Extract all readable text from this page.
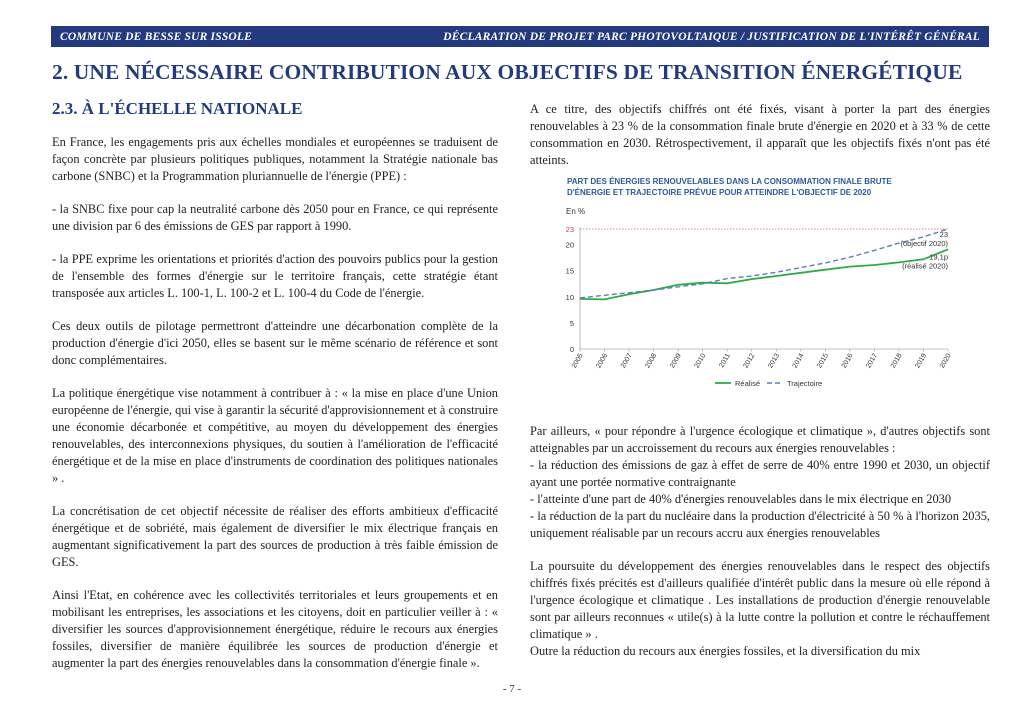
COMMUNE DE BESSE SUR ISSOLE	DÉCLARATION DE PROJET PARC PHOTOVOLTAIQUE / JUSTIFICATION DE L'INTÉRÊT GÉNÉRAL
2. UNE NÉCESSAIRE CONTRIBUTION AUX OBJECTIFS DE TRANSITION ÉNERGÉTIQUE
2.3. À L'ÉCHELLE NATIONALE

En France, les engagements pris aux échelles mondiales et européennes se traduisent de façon concrète par plusieurs politiques publiques, notamment la Stratégie nationale bas carbone (SNBC) et la Programmation pluriannuelle de l'énergie (PPE) :

- la SNBC fixe pour cap la neutralité carbone dès 2050 pour en France, ce qui représente une division par 6 des émissions de GES par rapport à 1990.

- la PPE exprime les orientations et priorités d'action des pouvoirs publics pour la gestion de l'ensemble des formes d'énergie sur le territoire français, cette stratégie étant transposée aux articles L. 100-1, L. 100-2 et L. 100-4 du Code de l'énergie.

Ces deux outils de pilotage permettront d'atteindre une décarbonation complète de la production d'énergie d'ici 2050, elles se basent sur le même scénario de référence et sont donc complémentaires.

La politique énergétique vise notamment à contribuer à : « la mise en place d'une Union européenne de l'énergie, qui vise à garantir la sécurité d'approvisionnement et à construire une économie décarbonée et compétitive, au moyen du développement des énergies renouvelables, des interconnexions physiques, du soutien à l'amélioration de l'efficacité énergétique et de la mise en place d'instruments de coordination des politiques nationales » .

La concrétisation de cet objectif nécessite de réaliser des efforts ambitieux d'efficacité énergétique et de sobriété, mais également de diversifier le mix électrique français en augmentant significativement la part des sources de production à très faible émission de GES.

Ainsi l'Etat, en cohérence avec les collectivités territoriales et leurs groupements et en mobilisant les entreprises, les associations et les citoyens, doit en particulier veiller à : « diversifier les sources d'approvisionnement énergétique, réduire le recours aux énergies fossiles, diversifier de manière équilibrée les sources de production d'énergie et augmenter la part des énergies renouvelables dans la consommation d'énergie finale ».

A ce titre, des objectifs chiffrés ont été fixés, visant à porter la part des énergies renouvelables à 23 % de la consommation finale brute d'énergie en 2020 et à 33 % de cette consommation en 2030. Rétrospectivement, il apparaît que les objectifs fixés n'ont pas été atteints.

PART DES ÉNERGIES RENOUVELABLES DANS LA CONSOMMATION FINALE BRUTE
D'ÉNERGIE ET TRAJECTOIRE PRÉVUE POUR ATTEINDRE L'OBJECTIF DE 2020
En %
0
5
10
15
20
23
2005 2006 2007 2008 2009 2010 2011 2012 2013 2014 2015 2016 2017 2018 2019 2020
23
(objectif 2020)
19,1p
(réalisé 2020)
Réalisé	Trajectoire

Par ailleurs, « pour répondre à l'urgence écologique et climatique », d'autres objectifs sont atteignables par un accroissement du recours aux énergies renouvelables :

- la réduction des émissions de gaz à effet de serre de 40% entre 1990 et 2030, un objectif ayant une portée normative contraignante

- l'atteinte d'une part de 40% d'énergies renouvelables dans le mix électrique en 2030

- la réduction de la part du nucléaire dans la production d'électricité à 50 % à l'horizon 2035, uniquement réalisable par un recours accru aux énergies renouvelables

La poursuite du développement des énergies renouvelables dans le respect des objectifs chiffrés fixés précités est d'ailleurs qualifiée d'intérêt public dans la mesure où elle répond à l'urgence écologique et climatique . Les installations de production d'énergie renouvelable sont par ailleurs reconnues « utile(s) à la lutte contre la pollution et contre le réchauffement climatique » .

Outre la réduction du recours aux énergies fossiles, et la diversification du mix

- 7 -
